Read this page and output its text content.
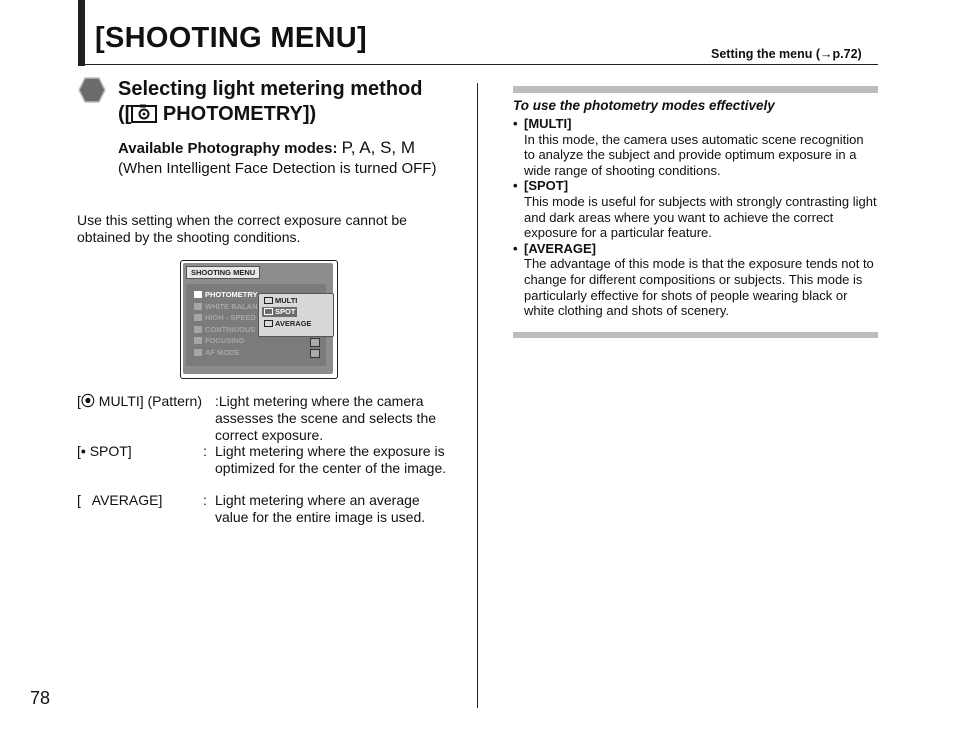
[SHOOTING MENU]	Setting the menu (→p.72)
Selecting light metering method
([ PHOTOMETRY])
Available Photography modes: P, A, S, M
(When Intelligent Face Detection is turned OFF)
Use this setting when the correct exposure cannot be obtained by the shooting conditions.
SHOOTING MENU
PHOTOMETRY
WHITE BALAN
HIGH - SPEED
CONTINUOUS
FOCUSING
AF MODE
MULTI
SPOT
AVERAGE
[⦿ MULTI] (Pattern) :Light metering where the camera assesses the scene and selects the correct exposure.
[• SPOT]	: Light metering where the exposure is optimized for the center of the image.
[ AVERAGE]	: Light metering where an average value for the entire image is used.
To use the photometry modes effectively
• [MULTI]
In this mode, the camera uses automatic scene recognition to analyze the subject and provide optimum exposure in a wide range of shooting conditions.
• [SPOT]
This mode is useful for subjects with strongly contrasting light and dark areas where you want to achieve the correct exposure for a particular feature.
• [AVERAGE]
The advantage of this mode is that the exposure tends not to change for different compositions or subjects. This mode is particularly effective for shots of people wearing black or white clothing and shots of scenery.
78
